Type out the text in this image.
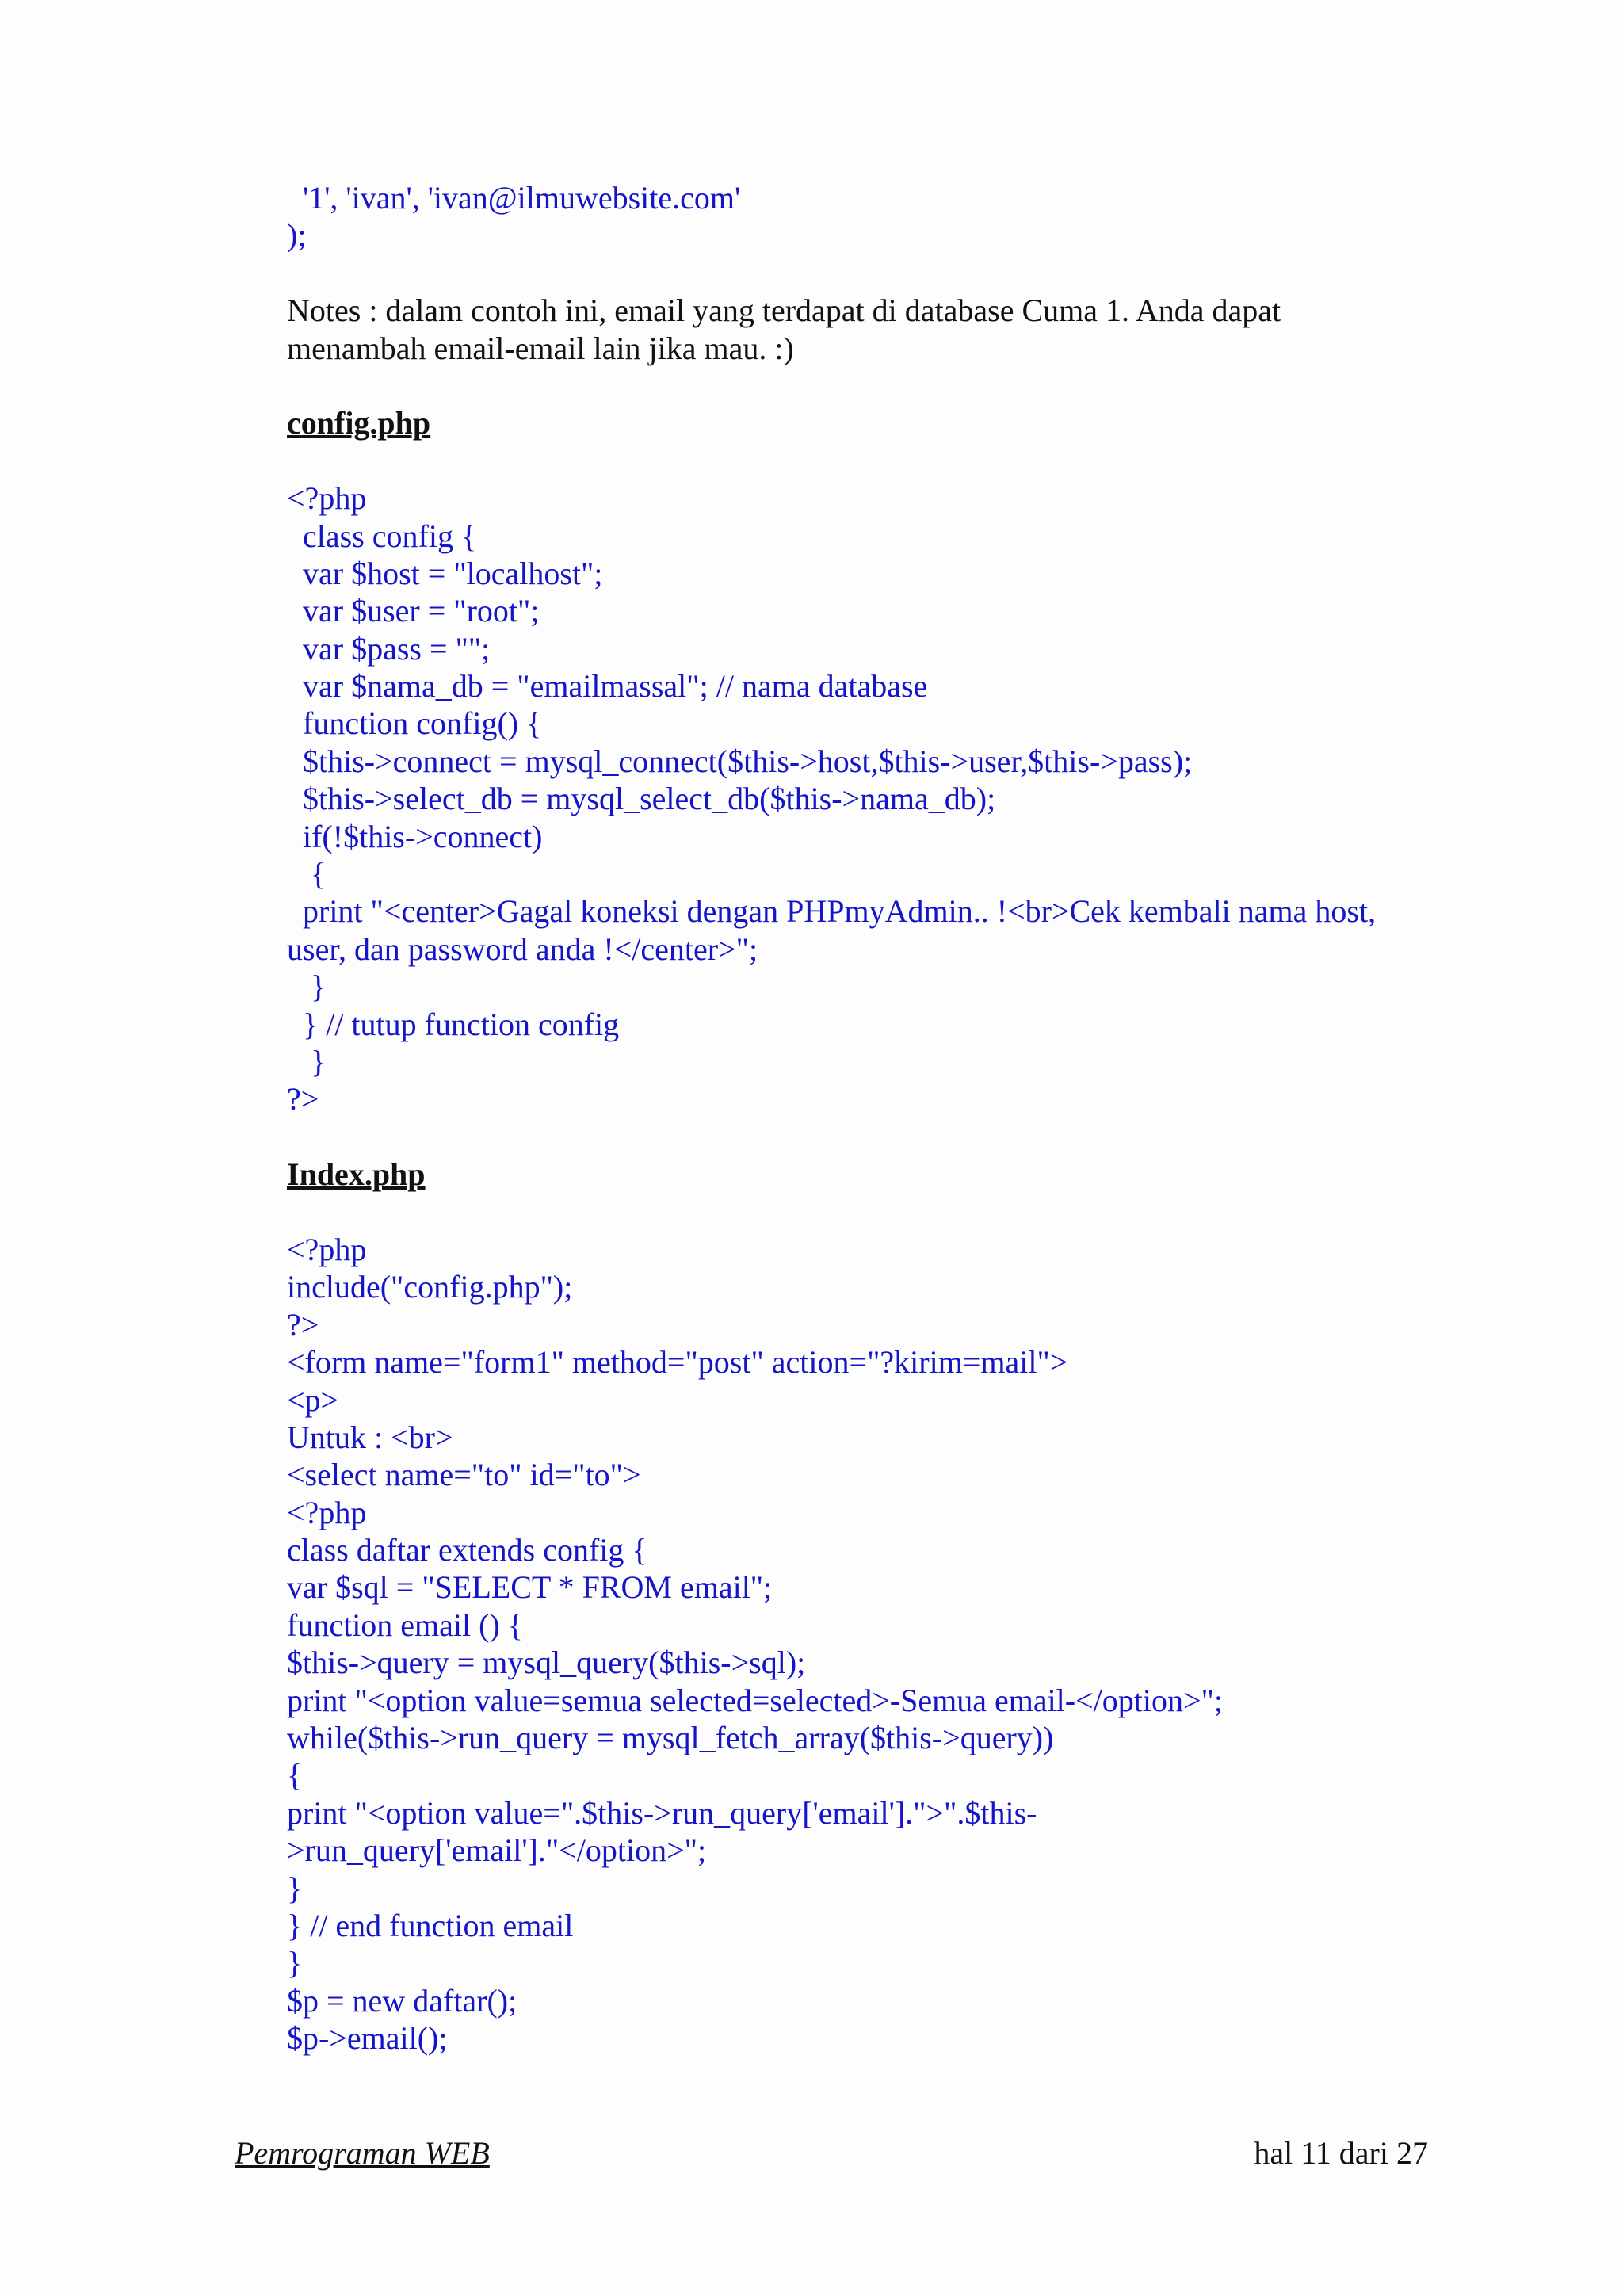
'1', 'ivan', 'ivan@ilmuwebsite.com'
);
Notes : dalam contoh ini, email yang terdapat di database Cuma 1. Anda dapat
menambah email-email lain jika mau. :)
config.php
<?php
class config {
var $host = "localhost";
var $user = "root";
var $pass = "";
var $nama_db = "emailmassal"; // nama database
function config() {
$this->connect = mysql_connect($this->host,$this->user,$this->pass);
$this->select_db = mysql_select_db($this->nama_db);
if(!$this->connect)
{
print "<center>Gagal koneksi dengan PHPmyAdmin.. !<br>Cek kembali nama host,
user, dan password anda !</center>";
}
} // tutup function config
}
?>
Index.php
<?php
include("config.php");
?>
<form name="form1" method="post" action="?kirim=mail">
<p>
Untuk : <br>
<select name="to" id="to">
<?php
class daftar extends config {
var $sql = "SELECT * FROM email";
function email () {
$this->query = mysql_query($this->sql);
print "<option value=semua selected=selected>-Semua email-</option>";
while($this->run_query = mysql_fetch_array($this->query))
{
print "<option value=".$this->run_query['email'].">".$this-
>run_query['email']."</option>";
}
} // end function email
}
$p = new daftar();
$p->email();
Pemrograman WEB	hal 11 dari 27
